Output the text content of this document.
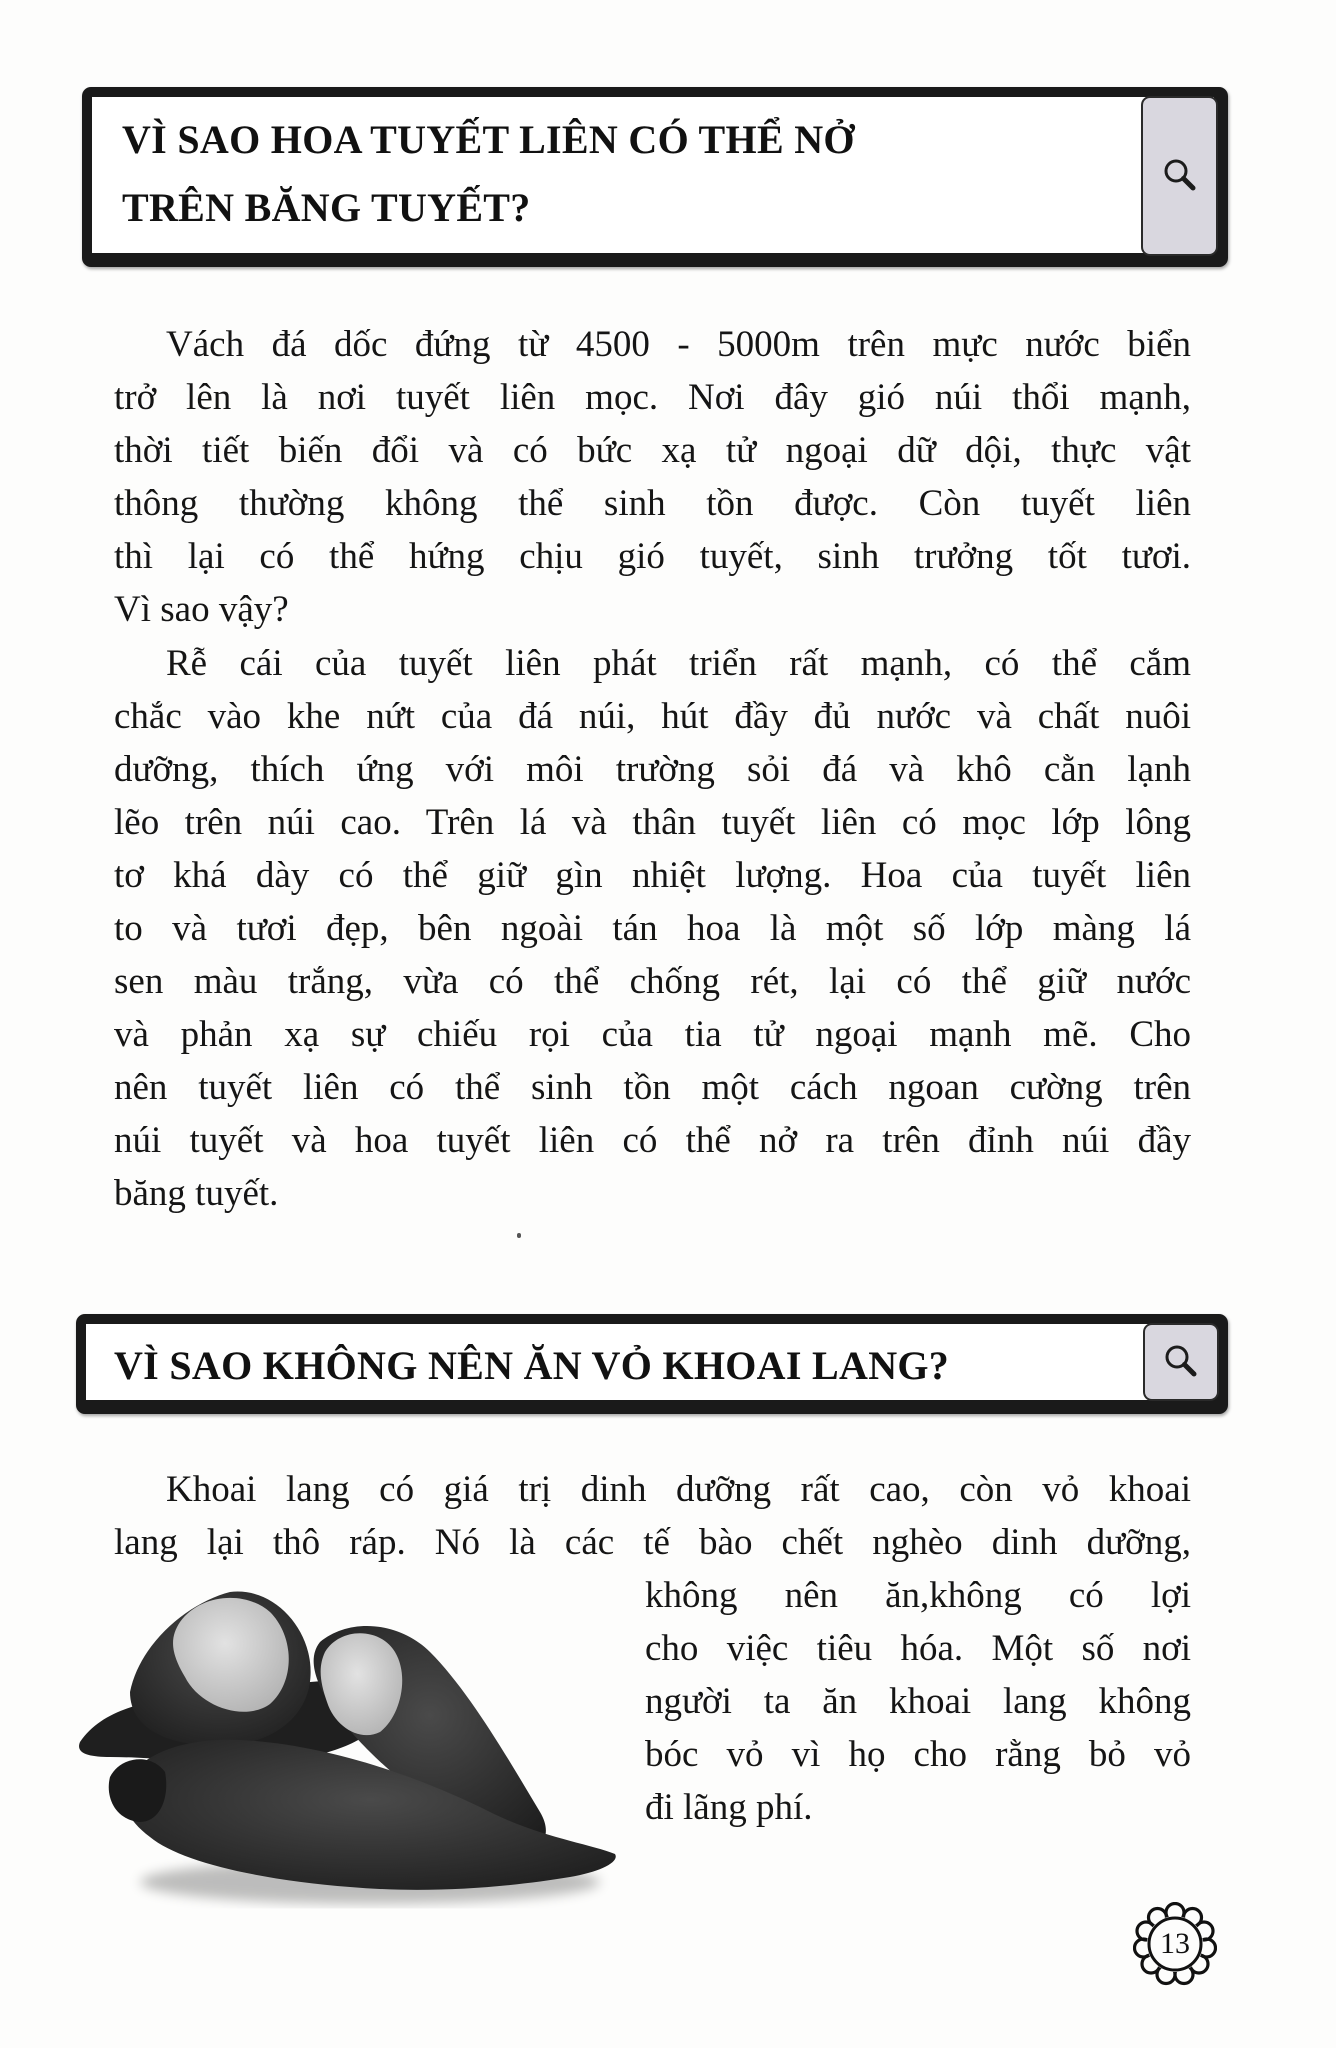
VÌ SAO HOA TUYẾT LIÊN CÓ THỂ NỞ
TRÊN BĂNG TUYẾT?
Vách đá dốc đứng từ 4500 - 5000m trên mực nước biển
trở lên là nơi tuyết liên mọc. Nơi đây gió núi thổi mạnh,
thời tiết biến đổi và có bức xạ tử ngoại dữ dội, thực vật
thông thường không thể sinh tồn được. Còn tuyết liên
thì lại có thể hứng chịu gió tuyết, sinh trưởng tốt tươi.
Vì sao vậy?
Rễ cái của tuyết liên phát triển rất mạnh, có thể cắm
chắc vào khe nứt của đá núi, hút đầy đủ nước và chất nuôi
dưỡng, thích ứng với môi trường sỏi đá và khô cằn lạnh
lẽo trên núi cao. Trên lá và thân tuyết liên có mọc lớp lông
tơ khá dày có thể giữ gìn nhiệt lượng. Hoa của tuyết liên
to và tươi đẹp, bên ngoài tán hoa là một số lớp màng lá
sen màu trắng, vừa có thể chống rét, lại có thể giữ nước
và phản xạ sự chiếu rọi của tia tử ngoại mạnh mẽ. Cho
nên tuyết liên có thể sinh tồn một cách ngoan cường trên
núi tuyết và hoa tuyết liên có thể nở ra trên đỉnh núi đầy
băng tuyết.
VÌ SAO KHÔNG NÊN ĂN VỎ KHOAI LANG?
Khoai lang có giá trị dinh dưỡng rất cao, còn vỏ khoai
lang lại thô ráp. Nó là các tế bào chết nghèo dinh dưỡng,
không nên ăn,không có lợi
cho việc tiêu hóa. Một số nơi
người ta ăn khoai lang không
bóc vỏ vì họ cho rằng bỏ vỏ
đi lãng phí.
13
